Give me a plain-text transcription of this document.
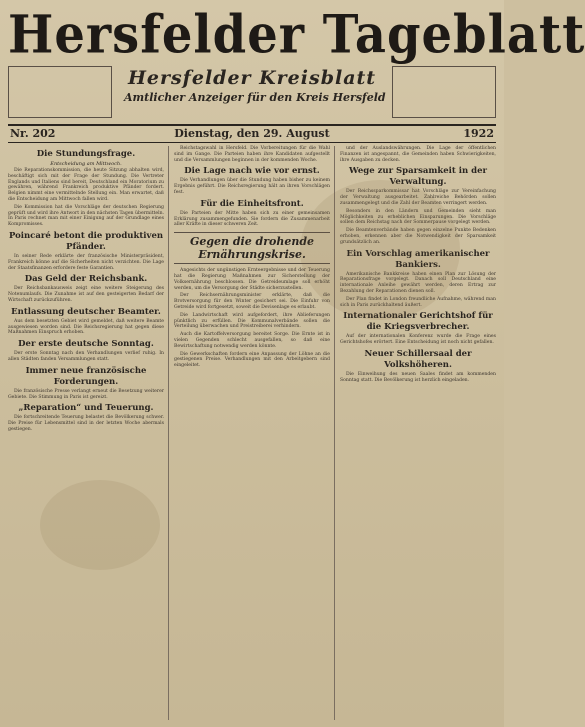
Hersfelder Tageblatt
Hersfelder Kreisblatt
Amtlicher Anzeiger für den Kreis Hersfeld
Nr. 202	Dienstag, den 29. August	1922
Die Stundungsfrage.
Entscheidung am Mittwoch.
Die Reparationskommission, die heute Sitzung abhalten wird, beschäftigt sich mit der Frage der Stundung. Die Vertreter Englands und Italiens sind bereit, Deutschland ein Moratorium zu gewähren, während Frankreich produktive Pfänder fordert. Belgien nimmt eine vermittelnde Stellung ein. Man erwartet, daß die Entscheidung am Mittwoch fallen wird.
Die Kommission hat die Vorschläge der deutschen Regierung geprüft und wird ihre Antwort in den nächsten Tagen übermitteln. In Paris rechnet man mit einer Einigung auf der Grundlage eines Kompromisses.
Poincaré betont die produktiven Pfänder.
In seiner Rede erklärte der französische Ministerpräsident, Frankreich könne auf die Sicherheiten nicht verzichten. Die Lage der Staatsfinanzen erfordere feste Garantien.
Das Geld der Reichsbank.
Der Reichsbankausweis zeigt eine weitere Steigerung des Notenumlaufs. Die Zunahme ist auf den gesteigerten Bedarf der Wirtschaft zurückzuführen.
Entlassung deutscher Beamter.
Aus dem besetzten Gebiet wird gemeldet, daß weitere Beamte ausgewiesen worden sind. Die Reichsregierung hat gegen diese Maßnahmen Einspruch erhoben.
Der erste deutsche Sonntag.
Der erste Sonntag nach den Verhandlungen verlief ruhig. In allen Städten fanden Versammlungen statt.
Immer neue französische Forderungen.
Die französische Presse verlangt erneut die Besetzung weiterer Gebiete. Die Stimmung in Paris ist gereizt.
„Reparation“ und Teuerung.
Die fortschreitende Teuerung belastet die Bevölkerung schwer. Die Preise für Lebensmittel sind in der letzten Woche abermals gestiegen.
Reichstagswahl in Hersfeld. Die Vorbereitungen für die Wahl sind im Gange. Die Parteien haben ihre Kandidaten aufgestellt und die Versammlungen beginnen in der kommenden Woche.
Die Lage nach wie vor ernst.
Die Verhandlungen über die Stundung haben bisher zu keinem Ergebnis geführt. Die Reichsregierung hält an ihren Vorschlägen fest.
Für die Einheitsfront.
Die Parteien der Mitte haben sich zu einer gemeinsamen Erklärung zusammengefunden. Sie fordern die Zusammenarbeit aller Kräfte in dieser schweren Zeit.
Gegen die drohende Ernährungskrise.
Angesichts der ungünstigen Ernteergebnisse und der Teuerung hat die Regierung Maßnahmen zur Sicherstellung der Volksernährung beschlossen. Die Getreideumlage soll erhöht werden, um die Versorgung der Städte sicherzustellen.
Der Reichsernährungsminister erklärte, daß die Brotversorgung für den Winter gesichert sei. Die Einfuhr von Getreide wird fortgesetzt, soweit die Devisenlage es erlaubt.
Die Landwirtschaft wird aufgefordert, ihre Ablieferungen pünktlich zu erfüllen. Die Kommunalverbände sollen die Verteilung überwachen und Preistreiberei verhindern.
Auch die Kartoffelversorgung bereitet Sorge. Die Ernte ist in vielen Gegenden schlecht ausgefallen, so daß eine Bewirtschaftung notwendig werden könnte.
Die Gewerkschaften fordern eine Anpassung der Löhne an die gestiegenen Preise. Verhandlungen mit den Arbeitgebern sind eingeleitet.
und der Auslandswährungen. Die Lage der öffentlichen Finanzen ist angespannt, die Gemeinden haben Schwierigkeiten, ihre Ausgaben zu decken.
Wege zur Sparsamkeit in der Verwaltung.
Der Reichssparkommissar hat Vorschläge zur Vereinfachung der Verwaltung ausgearbeitet. Zahlreiche Behörden sollen zusammengelegt und die Zahl der Beamten verringert werden.
Besonders in den Ländern und Gemeinden sieht man Möglichkeiten zu erheblichen Einsparungen. Die Vorschläge sollen dem Reichstag nach der Sommerpause vorgelegt werden.
Die Beamtenverbände haben gegen einzelne Punkte Bedenken erhoben, erkennen aber die Notwendigkeit der Sparsamkeit grundsätzlich an.
Ein Vorschlag amerikanischer Bankiers.
Amerikanische Bankkreise haben einen Plan zur Lösung der Reparationsfrage vorgelegt. Danach soll Deutschland eine internationale Anleihe gewährt werden, deren Ertrag zur Bezahlung der Reparationen dienen soll.
Der Plan findet in London freundliche Aufnahme, während man sich in Paris zurückhaltend äußert.
Internationaler Gerichtshof für die Kriegsverbrecher.
Auf der internationalen Konferenz wurde die Frage eines Gerichtshofes erörtert. Eine Entscheidung ist noch nicht gefallen.
Neuer Schillersaal der Volkshöheren.
Die Einweihung des neuen Saales findet am kommenden Sonntag statt. Die Bevölkerung ist herzlich eingeladen.
